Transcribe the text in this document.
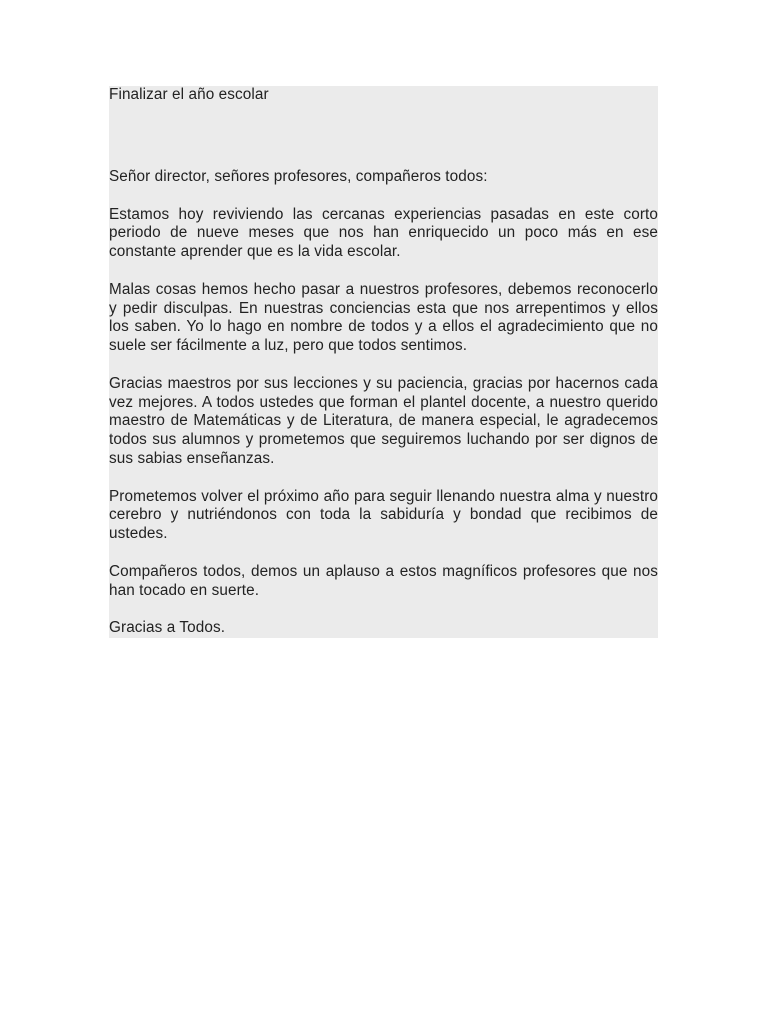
Finalizar el año escolar

Señor director, señores profesores, compañeros todos:

Estamos hoy reviviendo las cercanas experiencias pasadas en este corto periodo de nueve meses que nos han enriquecido un poco más en ese constante aprender que es la vida escolar.

Malas cosas hemos hecho pasar a nuestros profesores, debemos reconocerlo y pedir disculpas. En nuestras conciencias esta que nos arrepentimos y ellos los saben. Yo lo hago en nombre de todos y a ellos el agradecimiento que no suele ser fácilmente a luz, pero que todos sentimos.

Gracias maestros por sus lecciones y su paciencia, gracias por hacernos cada vez mejores. A todos ustedes que forman el plantel docente, a nuestro querido maestro de Matemáticas y de Literatura, de manera especial, le agradecemos todos sus alumnos y prometemos que seguiremos luchando por ser dignos de sus sabias enseñanzas.

Prometemos volver el próximo año para seguir llenando nuestra alma y nuestro cerebro y nutriéndonos con toda la sabiduría y bondad que recibimos de ustedes.

Compañeros todos, demos un aplauso a estos magníficos profesores que nos han tocado en suerte.

Gracias a Todos.
